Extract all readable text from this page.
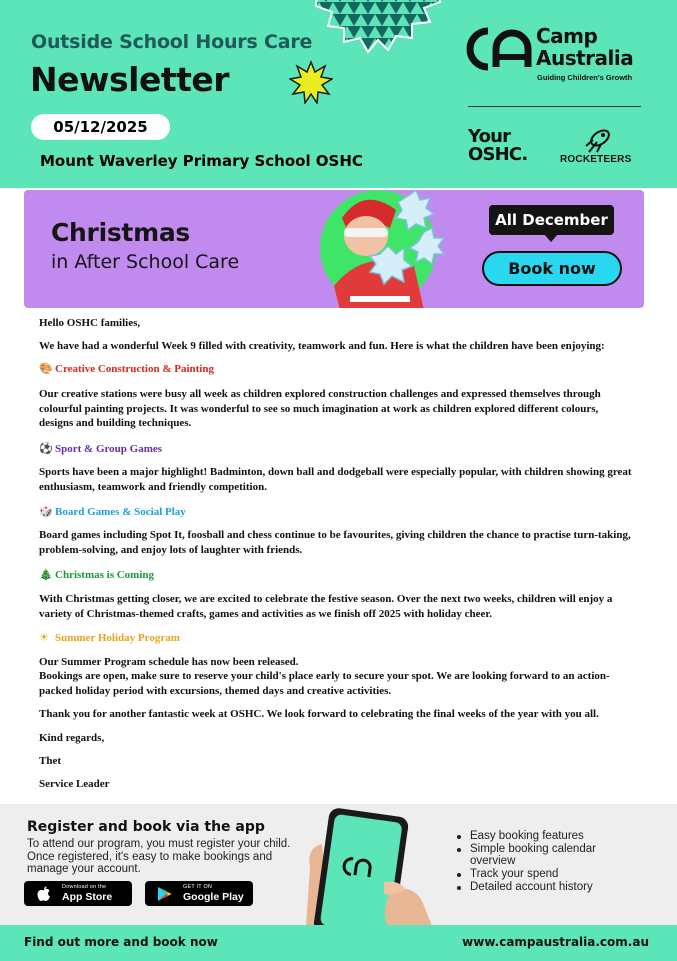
Outside School Hours Care
Newsletter
05/12/2025
Mount Waverley Primary School OSHC
Camp
Australia
Guiding Children's Growth
Your
OSHC.	ROCKETEERS
Christmas
in After School Care
All December
Book now
Hello OSHC families,
We have had a wonderful Week 9 filled with creativity, teamwork and fun. Here is what the children have been enjoying:
🎨 Creative Construction & Painting
Our creative stations were busy all week as children explored construction challenges and expressed themselves through colourful painting projects. It was wonderful to see so much imagination at work as children explored different colours, designs and building techniques.
⚽ Sport & Group Games
Sports have been a major highlight! Badminton, down ball and dodgeball were especially popular, with children showing great enthusiasm, teamwork and friendly competition.
🎲 Board Games & Social Play
Board games including Spot It, foosball and chess continue to be favourites, giving children the chance to practise turn-taking, problem-solving, and enjoy lots of laughter with friends.
🎄 Christmas is Coming
With Christmas getting closer, we are excited to celebrate the festive season. Over the next two weeks, children will enjoy a variety of Christmas-themed crafts, games and activities as we finish off 2025 with holiday cheer.
☀ Summer Holiday Program
Our Summer Program schedule has now been released.
Bookings are open, make sure to reserve your child's place early to secure your spot. We are looking forward to an action-packed holiday period with excursions, themed days and creative activities.
Thank you for another fantastic week at OSHC. We look forward to celebrating the final weeks of the year with you all.
Kind regards,
Thet
Service Leader
Register and book via the app
To attend our program, you must register your child. Once registered, it's easy to make bookings and manage your account.
Download on the
App Store
GET IT ON
Google Play
Easy booking features
Simple booking calendar overview
Track your spend
Detailed account history
Find out more and book now	www.campaustralia.com.au
